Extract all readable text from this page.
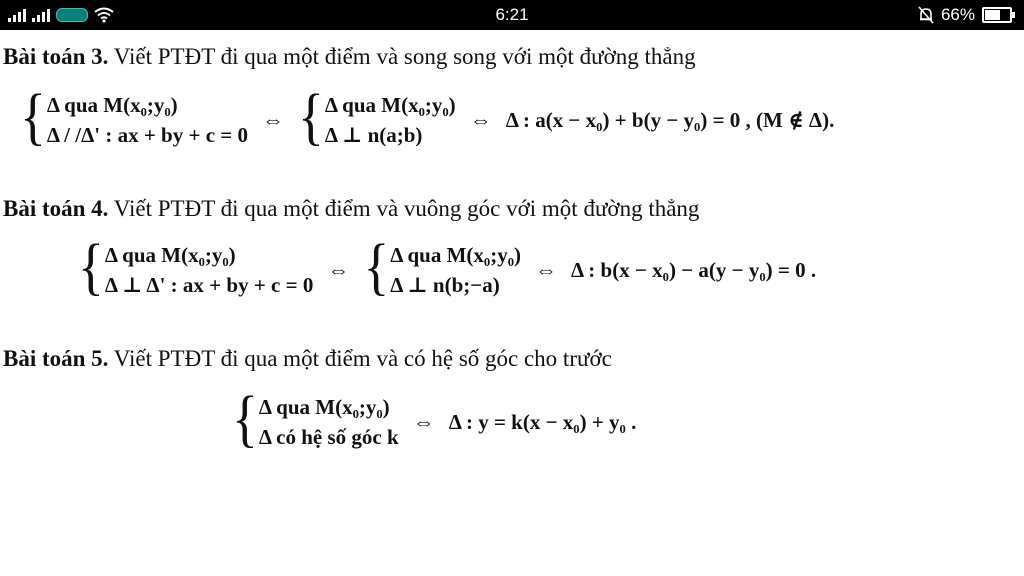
6:21	66%
Bài toán 3. Viết PTĐT đi qua một điểm và song song với một đường thẳng
{ Δ qua M(x₀;y₀)
Δ / /Δ' : ax + by + c = 0
⇔ { Δ qua M(x₀;y₀)
Δ ⊥ n(a;b)
⇔ Δ : a(x − x₀) + b(y − y₀) = 0 , (M ∉ Δ).
Bài toán 4. Viết PTĐT đi qua một điểm và vuông góc với một đường thẳng
{ Δ qua M(x₀;y₀)
Δ ⊥ Δ' : ax + by + c = 0
⇔ { Δ qua M(x₀;y₀)
Δ ⊥ n(b;−a)
⇔ Δ : b(x − x₀) − a(y − y₀) = 0 .
Bài toán 5. Viết PTĐT đi qua một điểm và có hệ số góc cho trước
{ Δ qua M(x₀;y₀)
Δ có hệ số góc k
⇔ Δ : y = k(x − x₀) + y₀ .
